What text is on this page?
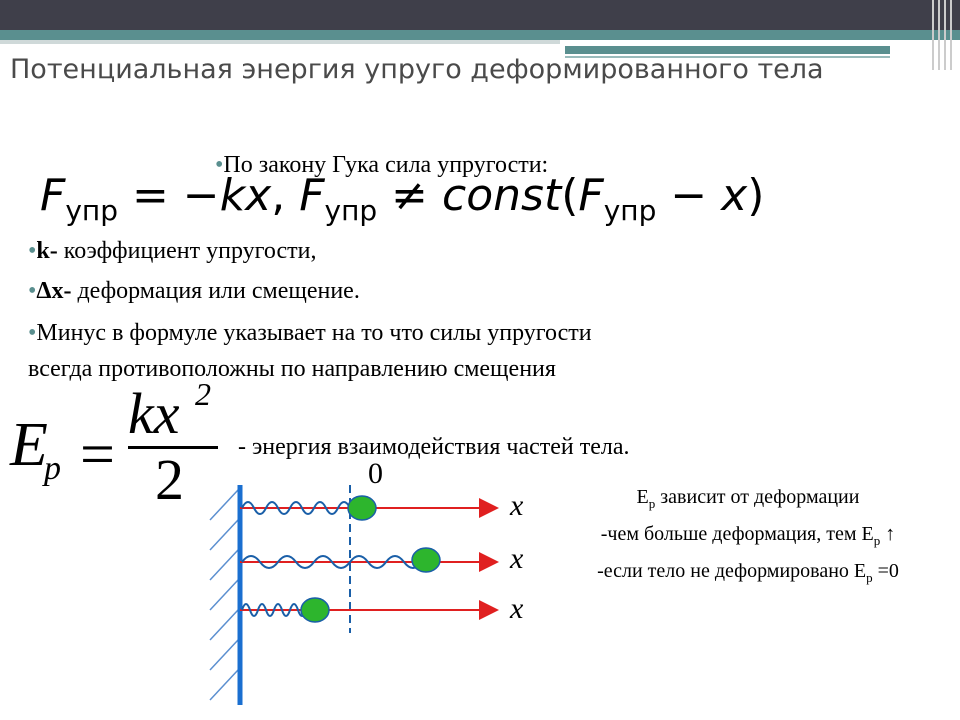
Потенциальная энергия упруго деформированного тела
•По закону Гука сила упругости:
$F_{упр} = -kx$, $F_{упр}$ ≠ $const(F_{упр} - x)$
•k- коэффициент упругости,
•Δx- деформация или смещение.
•Минус в формуле указывает на то что силы упругости
всегда противоположны по направлению смещения
E
p =
kx 2
2 - энергия взаимодействия частей тела.
0
x
x
x
$E_р$ зависит от деформации
-чем больше деформация, тем $E_р$ ↑
-если тело не деформировано $E_р =0$
